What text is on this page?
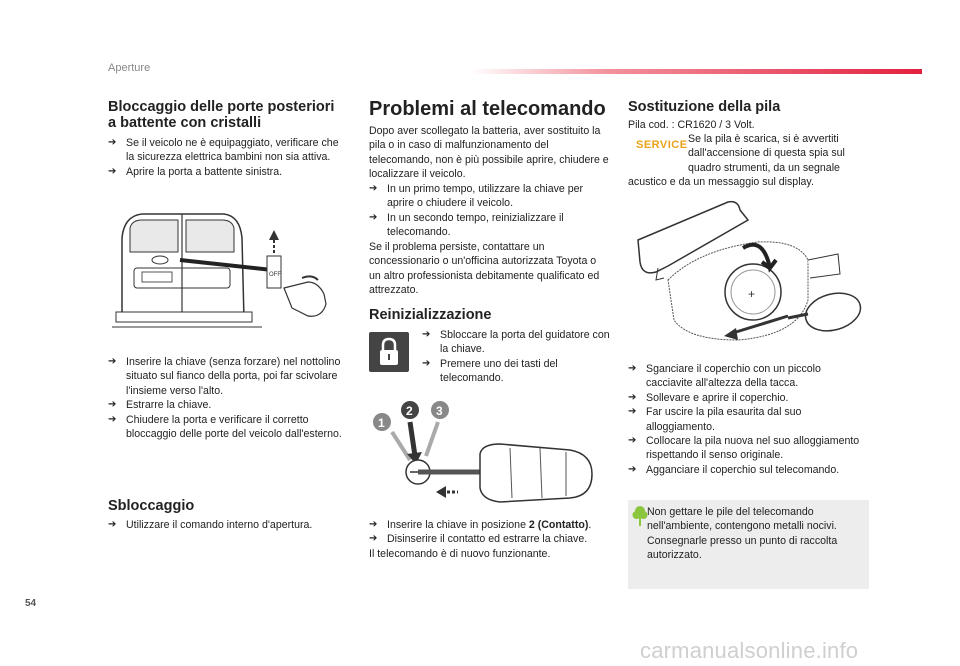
Aperture
54
carmanualsonline.info

Bloccaggio delle porte posteriori

a battente con cristalli

➔ Se il veicolo ne è equipaggiato, verificare che la sicurezza elettrica bambini non sia attiva.
➔ Aprire la porta a battente sinistra.
OFF
➔ Inserire la chiave (senza forzare) nel nottolino situato sul fianco della porta, poi far scivolare l'insieme verso l'alto.
➔ Estrarre la chiave.
➔ Chiudere la porta e verificare il corretto bloccaggio delle porte del veicolo dall'esterno.

Sbloccaggio

➔ Utilizzare il comando interno d'apertura.

Problemi al telecomando

Dopo aver scollegato la batteria, aver sostituito la pila o in caso di malfunzionamento del telecomando, non è più possibile aprire, chiudere e localizzare il veicolo.

➔ In un primo tempo, utilizzare la chiave per aprire o chiudere il veicolo.
➔ In un secondo tempo, reinizializzare il telecomando.

Se il problema persiste, contattare un concessionario o un'officina autorizzata Toyota o un altro professionista debitamente qualificato ed attrezzato.

Reinizializzazione

➔ Sbloccare la porta del guidatore con la chiave.
➔ Premere uno dei tasti del telecomando.
1
2 3
➔ Inserire la chiave in posizione 2 (Contatto).
➔ Disinserire il contatto ed estrarre la chiave.

Il telecomando è di nuovo funzionante.

Sostituzione della pila

Pila cod. : CR1620 / 3 Volt.

SERVICE Se la pila è scarica, si è avvertiti dall'accensione di questa spia sul quadro strumenti, da un segnale acustico e da un messaggio sul display.

+
➔ Sganciare il coperchio con un piccolo cacciavite all'altezza della tacca.
➔ Sollevare e aprire il coperchio.
➔ Far uscire la pila esaurita dal suo alloggiamento.
➔ Collocare la pila nuova nel suo alloggiamento rispettando il senso originale.
➔ Agganciare il coperchio sul telecomando.
Non gettare le pile del telecomando nell'ambiente, contengono metalli nocivi.
Consegnarle presso un punto di raccolta autorizzato.
